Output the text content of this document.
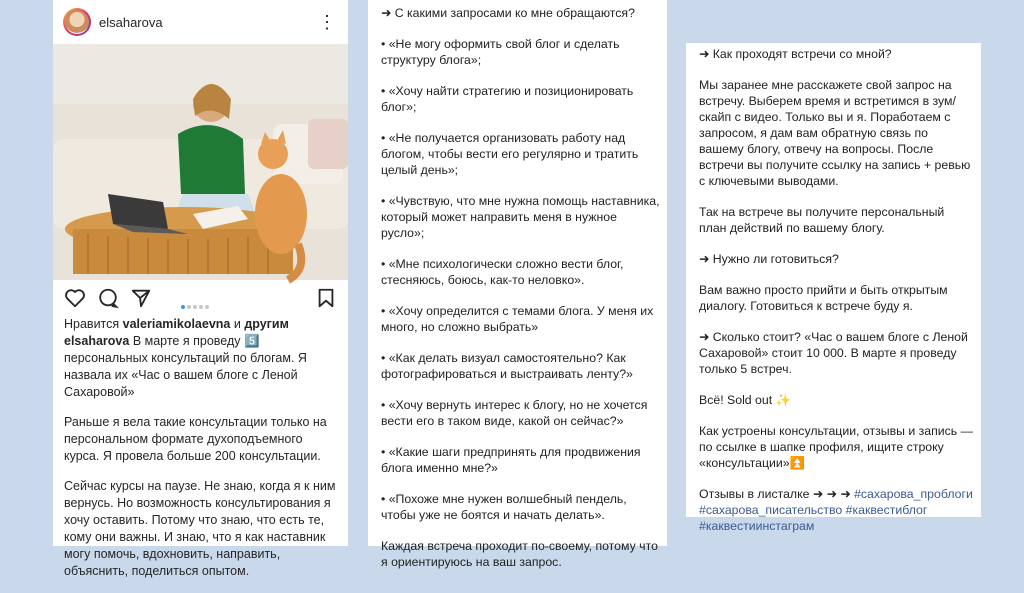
elsaharova	⋮

Нравится valeriamikolaevna и другим

elsaharova В марте я проведу 5️⃣ персональных консультаций по блогам. Я назвала их «Час о вашем блоге с Леной Сахаровой»

Раньше я вела такие консультации только на персональном формате духоподъемного курса. Я провела больше 200 консультации.

Сейчас курсы на паузе. Не знаю, когда я к ним вернусь. Но возможность консультирования я хочу оставить. Потому что знаю, что есть те, кому они важны. И знаю, что я как наставник могу помочь, вдохновить, направить, объяснить, поделиться опытом.

➜ С какими запросами ко мне обращаются?

• «Не могу оформить свой блог и сделать структуру блога»;

• «Хочу найти стратегию и позиционировать блог»;

• «Не получается организовать работу над блогом, чтобы вести его регулярно и тратить целый день»;

• «Чувствую, что мне нужна помощь наставника, который может направить меня в нужное русло»;

• «Мне психологически сложно вести блог, стесняюсь, боюсь, как-то неловко».

• «Хочу определится с темами блога. У меня их много, но сложно выбрать»

• «Как делать визуал самостоятельно? Как фотографироваться и выстраивать ленту?»

• «Хочу вернуть интерес к блогу, но не хочется вести его в таком виде, какой он сейчас?»

• «Какие шаги предпринять для продвижения блога именно мне?»

• «Похоже мне нужен волшебный пендель, чтобы уже не боятся и начать делать».

Каждая встреча проходит по-своему, потому что я ориентируюсь на ваш запрос.

➜ Как проходят встречи со мной?

Мы заранее мне расскажете свой запрос на встречу. Выберем время и встретимся в зум/скайп с видео. Только вы и я. Поработаем с запросом, я дам вам обратную связь по вашему блогу, отвечу на вопросы. После встречи вы получите ссылку на запись + ревью с ключевыми выводами.

Так на встрече вы получите персональный план действий по вашему блогу.

➜ Нужно ли готовиться?

Вам важно просто прийти и быть открытым диалогу. Готовиться к встрече буду я.

➜ Сколько стоит? «Час о вашем блоге с Леной Сахаровой» стоит 10 000. В марте я проведу только 5 встреч.

Всё! Sold out ✨

Как устроены консультации, отзывы и запись — по ссылке в шапке профиля, ищите строку «консультации»⏫

Отзывы в листалке ➜ ➜ ➜ #сахарова_проблоги #сахарова_писательство #каквестиблог #каквестиинстаграм
